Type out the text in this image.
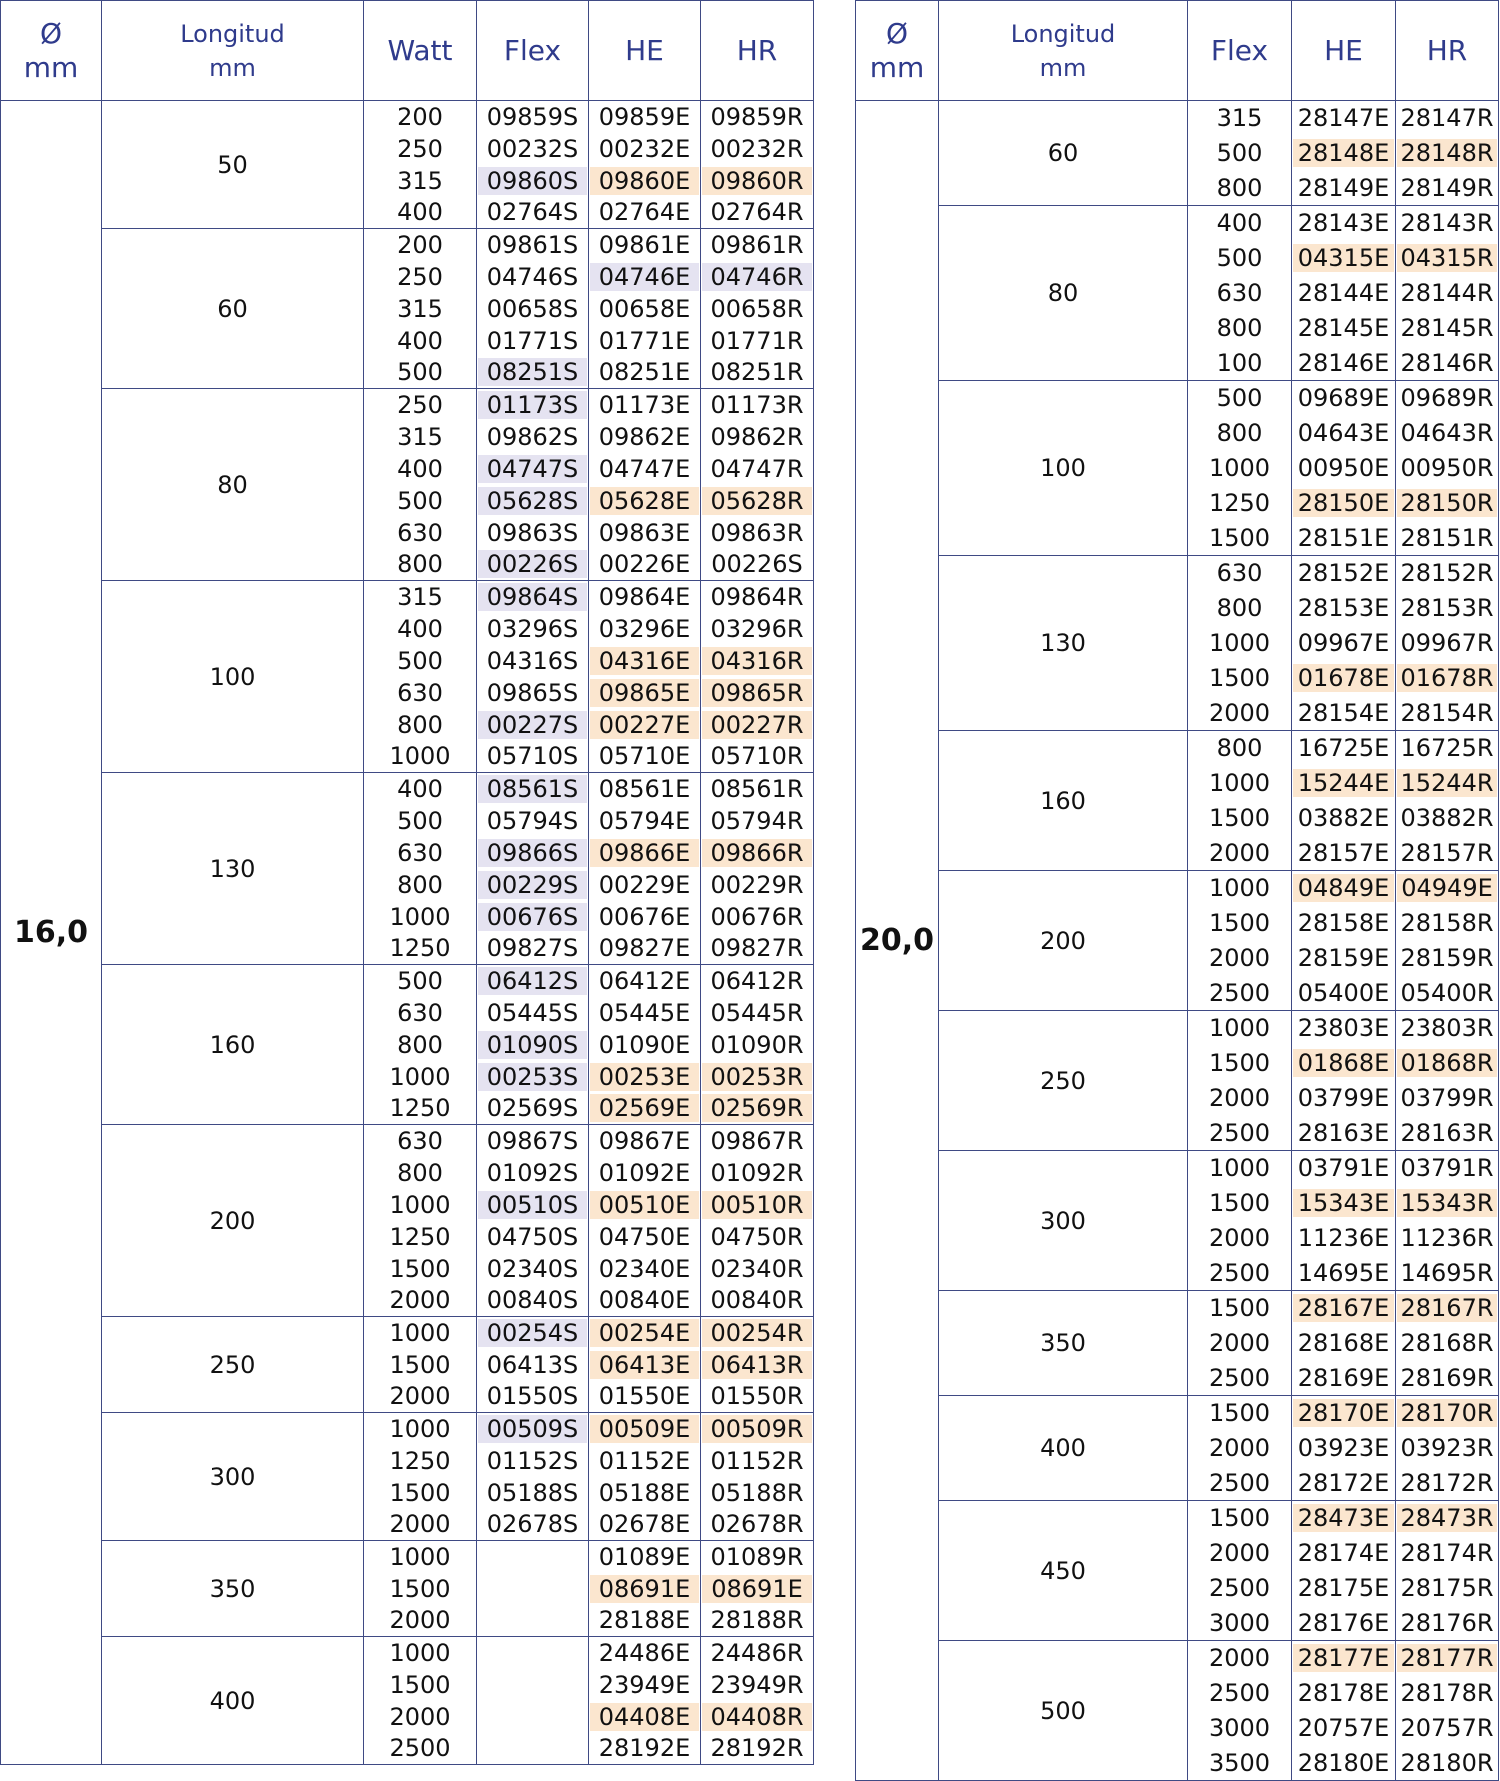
Ø
mm	Longitud
mm	Watt	Flex	HE	HR
16,0	50	200	09859S	09859E	09859R

		250	00232S	00232E	00232R

		315	09860S	09860E	09860R

		400	02764S	02764E	02764R

	60	200	09861S	09861E	09861R

		250	04746S	04746E	04746R

		315	00658S	00658E	00658R

		400	01771S	01771E	01771R

		500	08251S	08251E	08251R

	80	250	01173S	01173E	01173R

		315	09862S	09862E	09862R

		400	04747S	04747E	04747R

		500	05628S	05628E	05628R

		630	09863S	09863E	09863R

		800	00226S	00226E	00226S

	100	315	09864S	09864E	09864R

		400	03296S	03296E	03296R

		500	04316S	04316E	04316R

		630	09865S	09865E	09865R

		800	00227S	00227E	00227R

		1000	05710S	05710E	05710R

	130	400	08561S	08561E	08561R

		500	05794S	05794E	05794R

		630	09866S	09866E	09866R

		800	00229S	00229E	00229R

		1000	00676S	00676E	00676R

		1250	09827S	09827E	09827R

	160	500	06412S	06412E	06412R

		630	05445S	05445E	05445R

		800	01090S	01090E	01090R

		1000	00253S	00253E	00253R

		1250	02569S	02569E	02569R

	200	630	09867S	09867E	09867R

		800	01092S	01092E	01092R

		1000	00510S	00510E	00510R

		1250	04750S	04750E	04750R

		1500	02340S	02340E	02340R

		2000	00840S	00840E	00840R

	250	1000	00254S	00254E	00254R

		1500	06413S	06413E	06413R

		2000	01550S	01550E	01550R

	300	1000	00509S	00509E	00509R

		1250	01152S	01152E	01152R

		1500	05188S	05188E	05188R

		2000	02678S	02678E	02678R

	350	1000		01089E	01089R

		1500		08691E	08691E

		2000		28188E	28188R

	400	1000		24486E	24486R

		1500		23949E	23949R

		2000		04408E	04408R

		2500		28192E	28192R
Ø
mm	Longitud
mm	Flex	HE	HR
20,0	60	315	28147E	28147R

		500	28148E	28148R

		800	28149E	28149R

	80	400	28143E	28143R

		500	04315E	04315R

		630	28144E	28144R

		800	28145E	28145R

		100	28146E	28146R

	100	500	09689E	09689R

		800	04643E	04643R

		1000	00950E	00950R

		1250	28150E	28150R

		1500	28151E	28151R

	130	630	28152E	28152R

		800	28153E	28153R

		1000	09967E	09967R

		1500	01678E	01678R

		2000	28154E	28154R

	160	800	16725E	16725R

		1000	15244E	15244R

		1500	03882E	03882R

		2000	28157E	28157R

	200	1000	04849E	04949E

		1500	28158E	28158R

		2000	28159E	28159R

		2500	05400E	05400R

	250	1000	23803E	23803R

		1500	01868E	01868R

		2000	03799E	03799R

		2500	28163E	28163R

	300	1000	03791E	03791R

		1500	15343E	15343R

		2000	11236E	11236R

		2500	14695E	14695R

	350	1500	28167E	28167R

		2000	28168E	28168R

		2500	28169E	28169R

	400	1500	28170E	28170R

		2000	03923E	03923R

		2500	28172E	28172R

	450	1500	28473E	28473R

		2000	28174E	28174R

		2500	28175E	28175R

		3000	28176E	28176R

	500	2000	28177E	28177R

		2500	28178E	28178R

		3000	20757E	20757R

		3500	28180E	28180R
